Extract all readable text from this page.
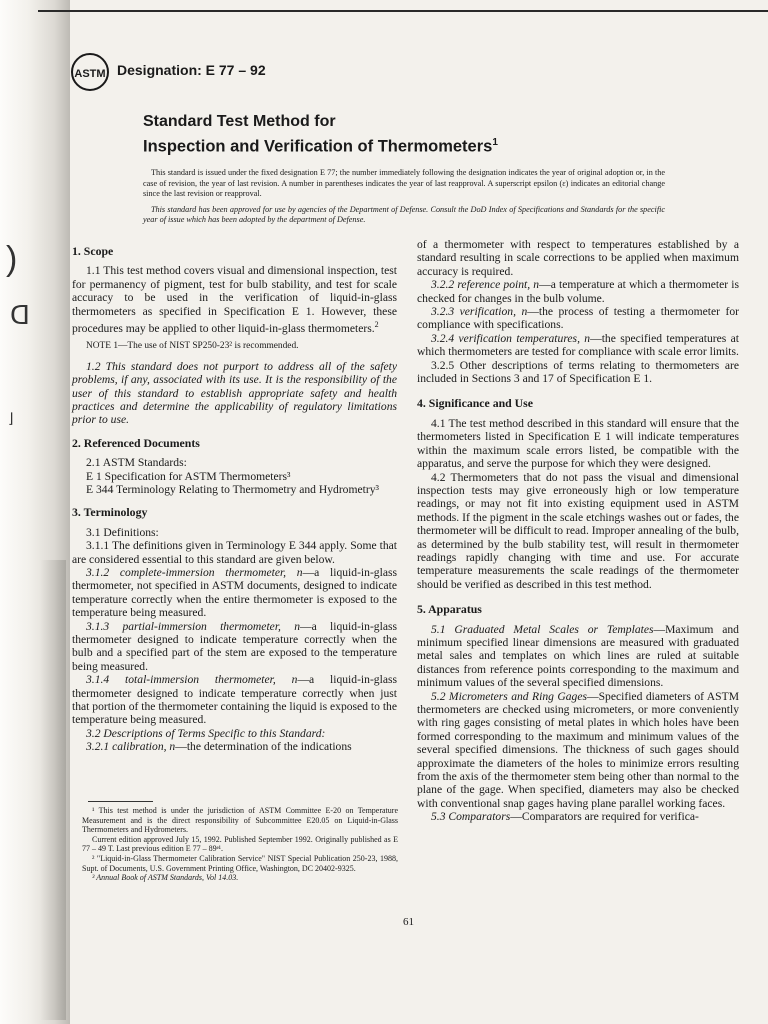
)
ꓷ
⌋
ASTM Designation: E 77 – 92
Standard Test Method for
Inspection and Verification of Thermometers$^1$

This standard is issued under the fixed designation E 77; the number immediately following the designation indicates the year of original adoption or, in the case of revision, the year of last revision. A number in parentheses indicates the year of last reapproval. A superscript epsilon (ε) indicates an editorial change since the last revision or reapproval.

This standard has been approved for use by agencies of the Department of Defense. Consult the DoD Index of Specifications and Standards for the specific year of issue which has been adopted by the department of Defense.

1. Scope

1.1 This test method covers visual and dimensional inspection, test for permanency of pigment, test for bulb stability, and test for scale accuracy to be used in the verification of liquid-in-glass thermometers as specified in Specification E 1. However, these procedures may be applied to other liquid-in-glass thermometers.$^2$

NOTE 1—The use of NIST SP250-23² is recommended.

1.2 This standard does not purport to address all of the safety problems, if any, associated with its use. It is the responsibility of the user of this standard to establish appropriate safety and health practices and determine the applicability of regulatory limitations prior to use.

2. Referenced Documents

2.1 ASTM Standards:

E 1 Specification for ASTM Thermometers³

E 344 Terminology Relating to Thermometry and Hydrometry³

3. Terminology

3.1 Definitions:

3.1.1 The definitions given in Terminology E 344 apply. Some that are considered essential to this standard are given below.

3.1.2 complete-immersion thermometer, n—a liquid-in-glass thermometer, not specified in ASTM documents, designed to indicate temperature correctly when the entire thermometer is exposed to the temperature being measured.

3.1.3 partial-immersion thermometer, n—a liquid-in-glass thermometer designed to indicate temperature correctly when the bulb and a specified part of the stem are exposed to the temperature being measured.

3.1.4 total-immersion thermometer, n—a liquid-in-glass thermometer designed to indicate temperature correctly when just that portion of the thermometer containing the liquid is exposed to the temperature being measured.

3.2 Descriptions of Terms Specific to this Standard:

3.2.1 calibration, n—the determination of the indications

¹ This test method is under the jurisdiction of ASTM Committee E-20 on Temperature Measurement and is the direct responsibility of Subcommittee E20.05 on Liquid-in-Glass Thermometers and Hydrometers.

Current edition approved July 15, 1992. Published September 1992. Originally published as E 77 – 49 T. Last previous edition E 77 – 89ᵉ¹.

² "Liquid-in-Glass Thermometer Calibration Service" NIST Special Publication 250-23, 1988, Supt. of Documents, U.S. Government Printing Office, Washington, DC 20402-9325.

³ Annual Book of ASTM Standards, Vol 14.03.

of a thermometer with respect to temperatures established by a standard resulting in scale corrections to be applied when maximum accuracy is required.

3.2.2 reference point, n—a temperature at which a thermometer is checked for changes in the bulb volume.

3.2.3 verification, n—the process of testing a thermometer for compliance with specifications.

3.2.4 verification temperatures, n—the specified temperatures at which thermometers are tested for compliance with scale error limits.

3.2.5 Other descriptions of terms relating to thermometers are included in Sections 3 and 17 of Specification E 1.

4. Significance and Use

4.1 The test method described in this standard will ensure that the thermometers listed in Specification E 1 will indicate temperatures within the maximum scale errors listed, be compatible with the apparatus, and serve the purpose for which they were designed.

4.2 Thermometers that do not pass the visual and dimensional inspection tests may give erroneously high or low temperature readings, or may not fit into existing equipment used in ASTM methods. If the pigment in the scale etchings washes out or fades, the thermometer will be difficult to read. Improper annealing of the bulb, as determined by the bulb stability test, will result in thermometer readings rapidly changing with time and use. For accurate temperature measurements the scale readings of the thermometer should be verified as described in this test method.

5. Apparatus

5.1 Graduated Metal Scales or Templates—Maximum and minimum specified linear dimensions are measured with graduated metal sales and templates on which lines are ruled at suitable distances from reference points corresponding to the maximum and minimum values of the several specified dimensions.

5.2 Micrometers and Ring Gages—Specified diameters of ASTM thermometers are checked using micrometers, or more conveniently with ring gages consisting of metal plates in which holes have been formed corresponding to the maximum and minimum values of the several specified dimensions. The thickness of such gages should approximate the diameters of the holes to minimize errors resulting from the axis of the thermometer stem being other than normal to the plane of the gage. When specified, diameters may also be checked with conventional snap gages having plane parallel working faces.

5.3 Comparators—Comparators are required for verifica-

61
